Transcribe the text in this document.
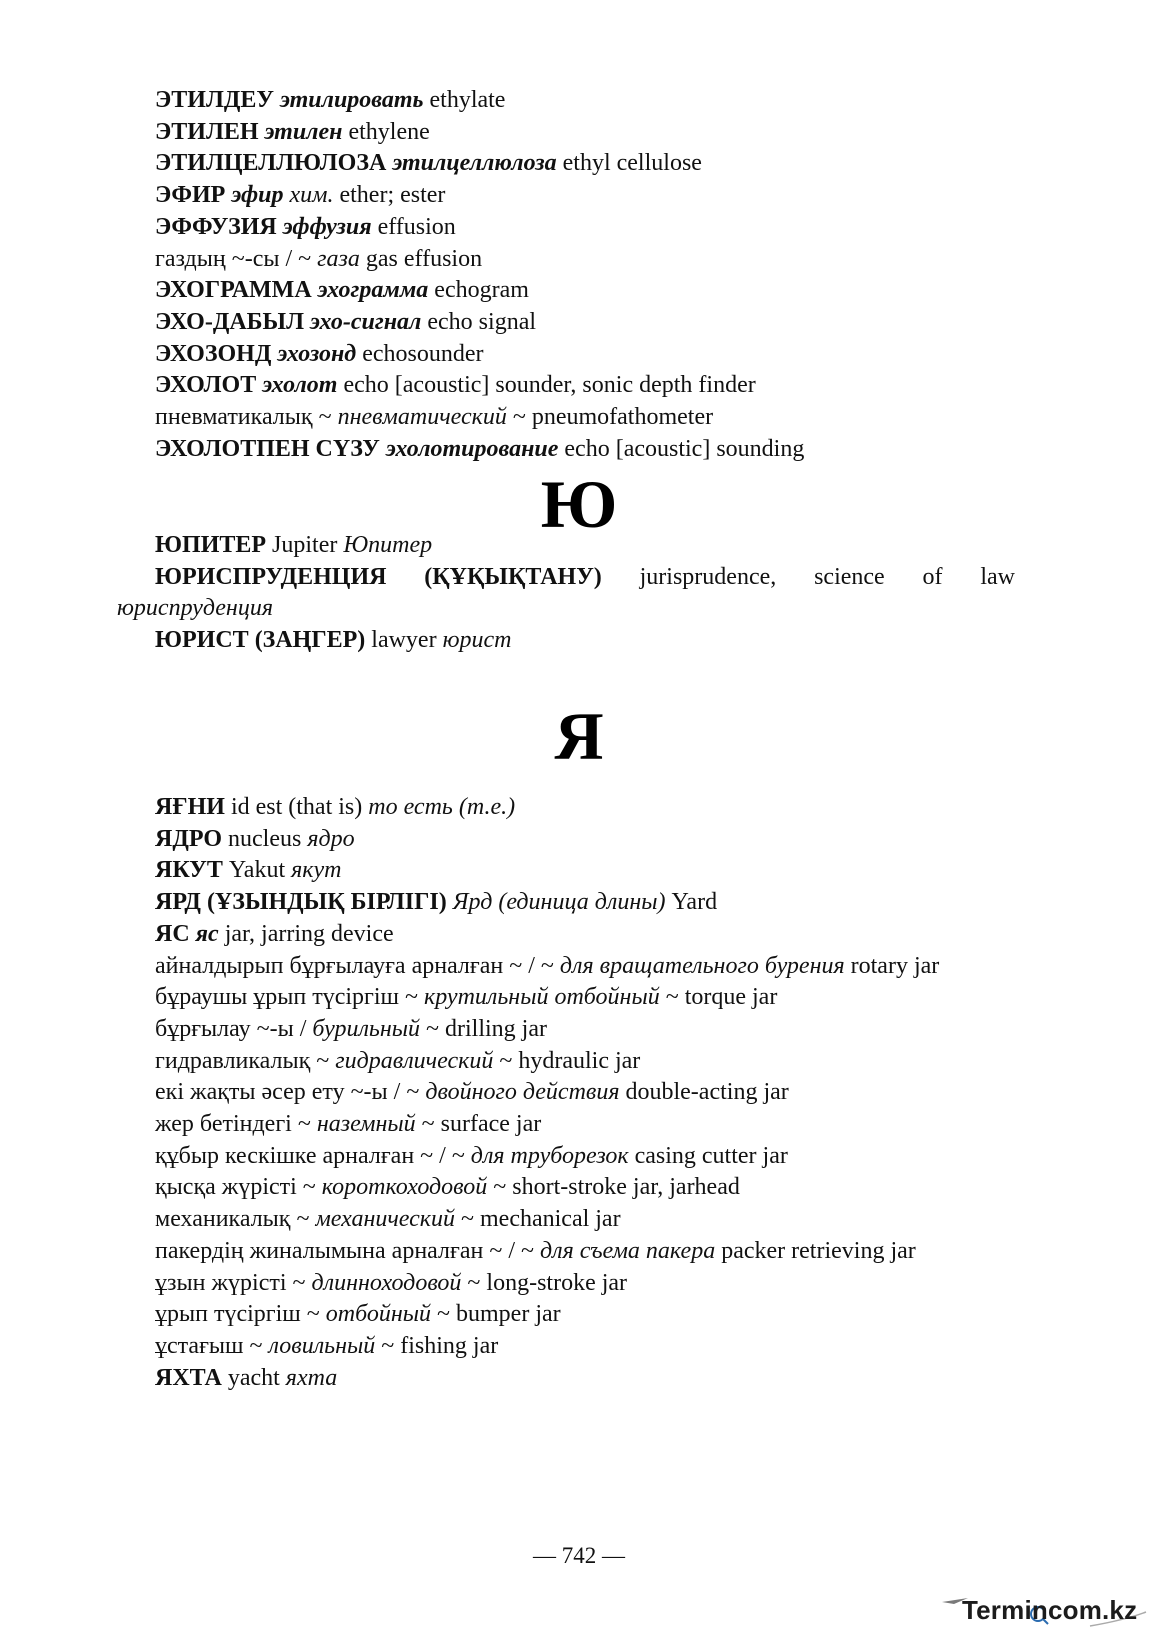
ЭТИЛДЕУ этилировать ethylate
ЭТИЛЕН этилен ethylene
ЭТИЛЦЕЛЛЮЛОЗА этилцеллюлоза ethyl cellulose
ЭФИР эфир хим. ether; ester
ЭФФУЗИЯ эффузия effusion
газдың ~-сы / ~ газа gas effusion
ЭХОГРАММА эхограмма echogram
ЭХО-ДАБЫЛ эхо-сигнал echo signal
ЭХОЗОНД эхозонд echosounder
ЭХОЛОТ эхолот echo [acoustic] sounder, sonic depth finder
пневматикалық ~ пневматический ~ pneumofathometer
ЭХОЛОТПЕН СҮЗУ эхолотирование echo [acoustic] sounding
Ю
ЮПИТЕР Jupiter Юпитер
ЮРИСПРУДЕНЦИЯ (ҚҰҚЫҚТАНУ) jurisprudence, science of law юриспруденция
ЮРИСТ (ЗАҢГЕР) lawyer юрист
Я
ЯҒНИ id est (that is) то есть (т.е.)
ЯДРО nucleus ядро
ЯКУТ Yakut якут
ЯРД (ҰЗЫНДЫҚ БІРЛІГІ) Ярд (единица длины) Yard
ЯС яс jar, jarring device
айналдырып бұрғылауға арналған ~ / ~ для вращательного бурения rotary jar
бұраушы ұрып түсіргіш ~ крутильный отбойный ~ torque jar
бұрғылау ~-ы / бурильный ~ drilling jar
гидравликалық ~ гидравлический ~ hydraulic jar
екі жақты әсер ету ~-ы / ~ двойного действия double-acting jar
жер бетіндегі ~ наземный ~ surface jar
құбыр кескішке арналған ~ / ~ для труборезок casing cutter jar
қысқа жүрісті ~ короткоходовой ~ short-stroke jar, jarhead
механикалық ~ механический ~ mechanical jar
пакердің жиналымына арналған ~ / ~ для съема пакера packer retrieving jar
ұзын жүрісті ~ длинноходовой ~ long-stroke jar
ұрып түсіргіш ~ отбойный ~ bumper jar
ұстағыш ~ ловильный ~ fishing jar
ЯХТА yacht яхта
— 742 —
Termincom.kz
